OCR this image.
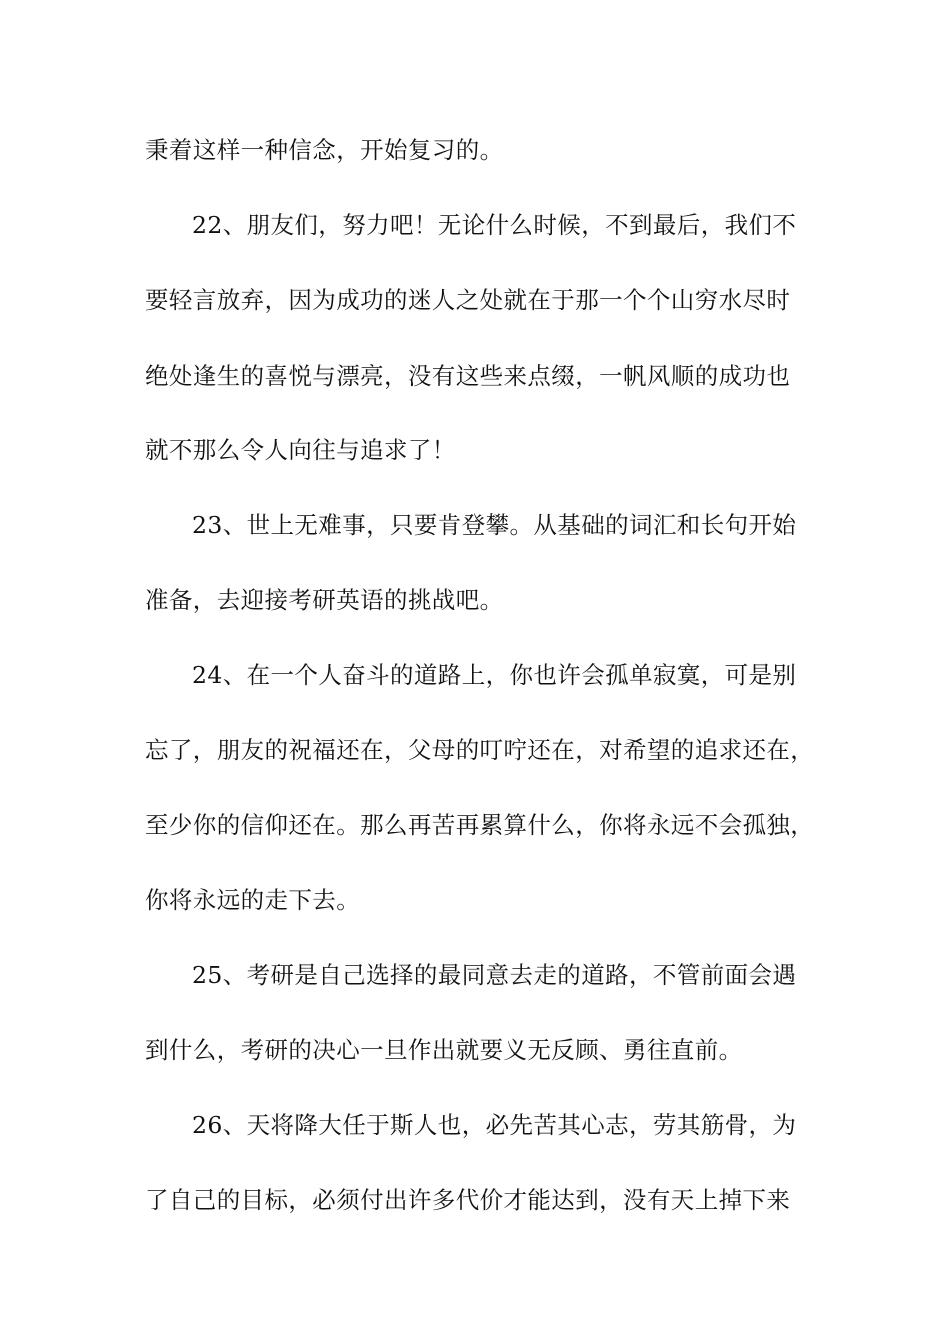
秉着这样一种信念，开始复习的。
22、朋友们，努力吧！无论什么时候，不到最后，我们不
要轻言放弃，因为成功的迷人之处就在于那一个个山穷水尽时
绝处逢生的喜悦与漂亮，没有这些来点缀，一帆风顺的成功也
就不那么令人向往与追求了！
23、世上无难事，只要肯登攀。从基础的词汇和长句开始
准备，去迎接考研英语的挑战吧。
24、在一个人奋斗的道路上，你也许会孤单寂寞，可是别
忘了，朋友的祝福还在，父母的叮咛还在，对希望的追求还在，
至少你的信仰还在。那么再苦再累算什么，你将永远不会孤独，
你将永远的走下去。
25、考研是自己选择的最同意去走的道路，不管前面会遇
到什么，考研的决心一旦作出就要义无反顾、勇往直前。
26、天将降大任于斯人也，必先苦其心志，劳其筋骨，为
了自己的目标，必须付出许多代价才能达到，没有天上掉下来
